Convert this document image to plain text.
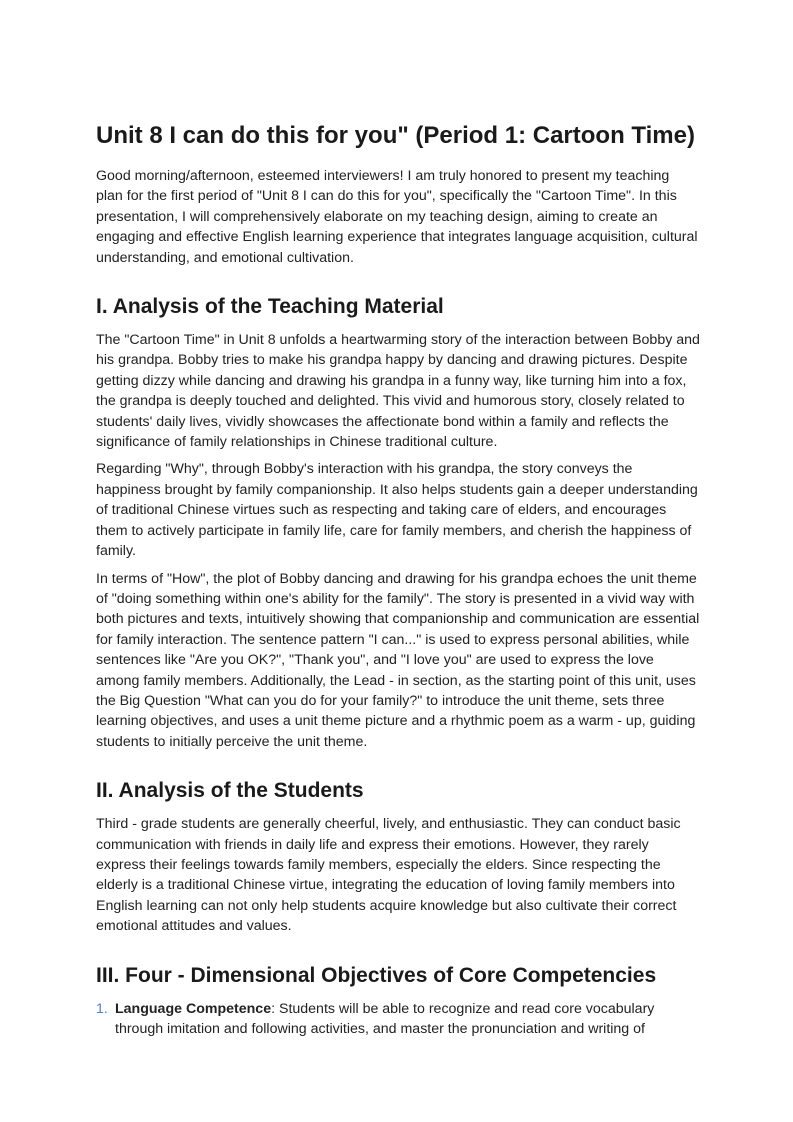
Unit 8 I can do this for you" (Period 1: Cartoon Time)

Good morning/afternoon, esteemed interviewers! I am truly honored to present my teaching plan for the first period of "Unit 8 I can do this for you", specifically the "Cartoon Time". In this presentation, I will comprehensively elaborate on my teaching design, aiming to create an engaging and effective English learning experience that integrates language acquisition, cultural understanding, and emotional cultivation.

I. Analysis of the Teaching Material

The "Cartoon Time" in Unit 8 unfolds a heartwarming story of the interaction between Bobby and his grandpa. Bobby tries to make his grandpa happy by dancing and drawing pictures. Despite getting dizzy while dancing and drawing his grandpa in a funny way, like turning him into a fox, the grandpa is deeply touched and delighted. This vivid and humorous story, closely related to students' daily lives, vividly showcases the affectionate bond within a family and reflects the significance of family relationships in Chinese traditional culture.

Regarding "Why", through Bobby's interaction with his grandpa, the story conveys the happiness brought by family companionship. It also helps students gain a deeper understanding of traditional Chinese virtues such as respecting and taking care of elders, and encourages them to actively participate in family life, care for family members, and cherish the happiness of family.

In terms of "How", the plot of Bobby dancing and drawing for his grandpa echoes the unit theme of "doing something within one's ability for the family". The story is presented in a vivid way with both pictures and texts, intuitively showing that companionship and communication are essential for family interaction. The sentence pattern "I can..." is used to express personal abilities, while sentences like "Are you OK?", "Thank you", and "I love you" are used to express the love among family members. Additionally, the Lead - in section, as the starting point of this unit, uses the Big Question "What can you do for your family?" to introduce the unit theme, sets three learning objectives, and uses a unit theme picture and a rhythmic poem as a warm - up, guiding students to initially perceive the unit theme.

II. Analysis of the Students

Third - grade students are generally cheerful, lively, and enthusiastic. They can conduct basic communication with friends in daily life and express their emotions. However, they rarely express their feelings towards family members, especially the elders. Since respecting the elderly is a traditional Chinese virtue, integrating the education of loving family members into English learning can not only help students acquire knowledge but also cultivate their correct emotional attitudes and values.

III. Four - Dimensional Objectives of Core Competencies
1. Language Competence: Students will be able to recognize and read core vocabulary through imitation and following activities, and master the pronunciation and writing of
